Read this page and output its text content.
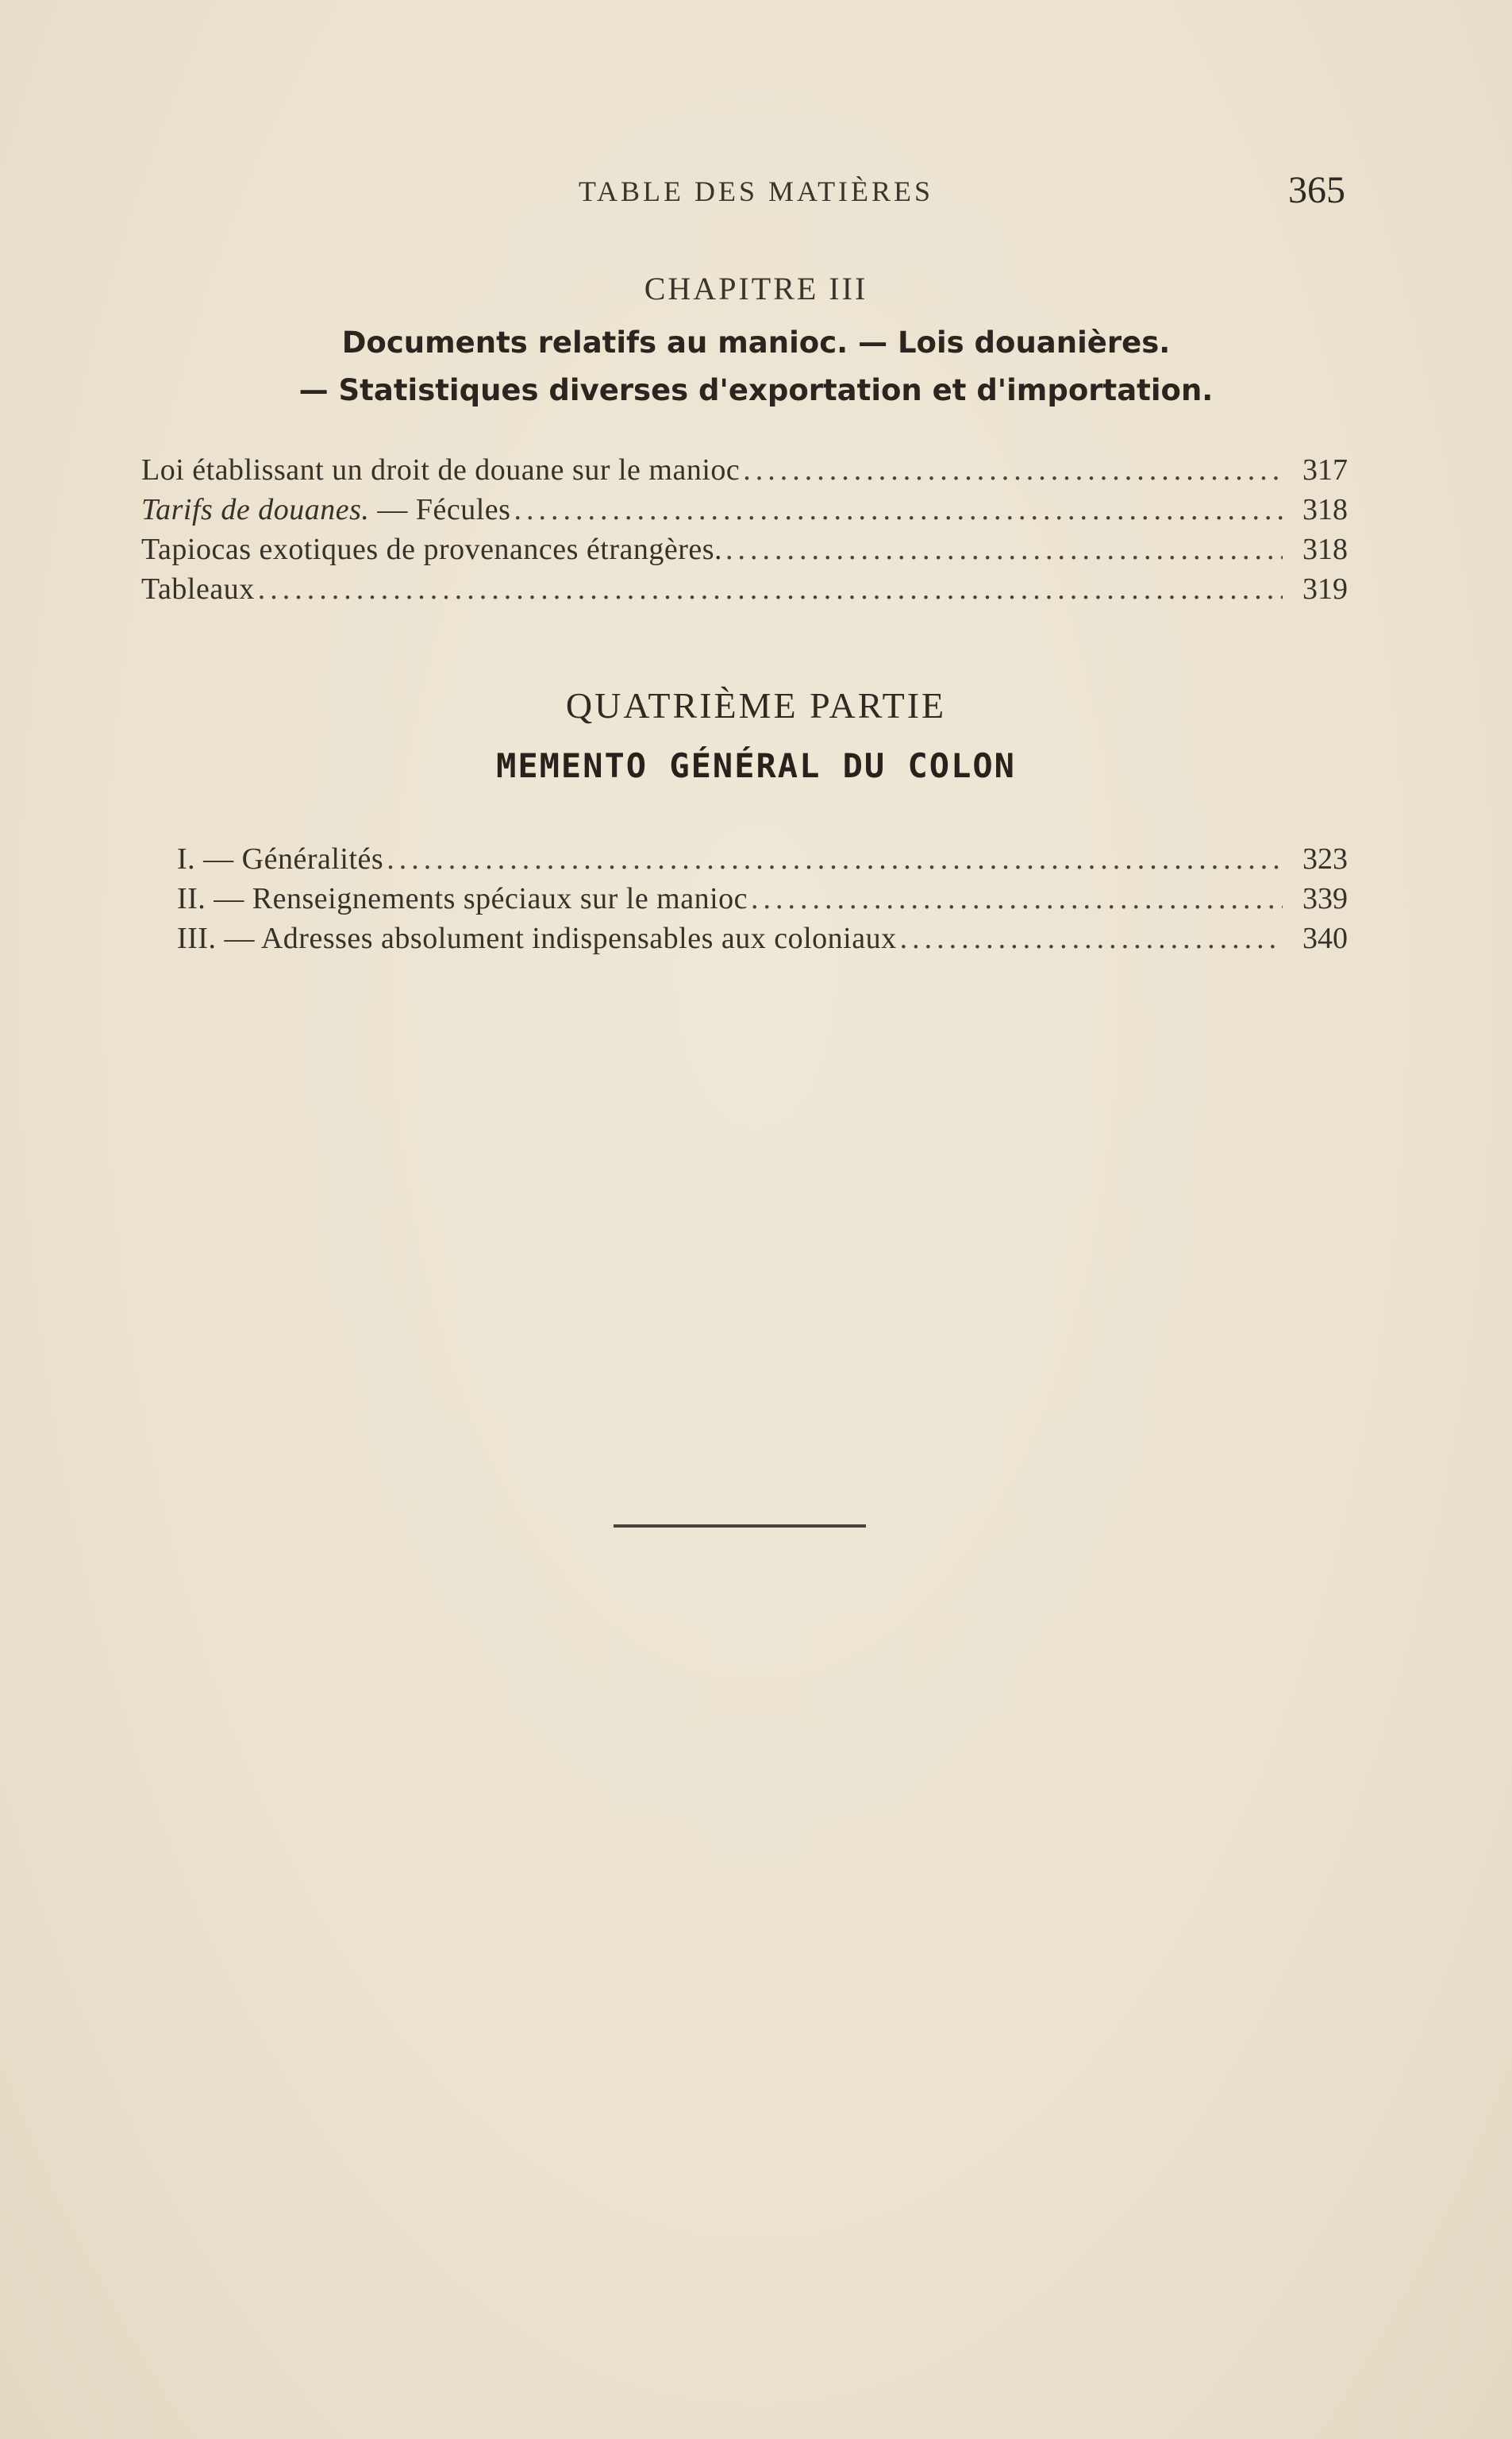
TABLE DES MATIÈRES	365
CHAPITRE III
Documents relatifs au manioc. — Lois douanières.
— Statistiques diverses d'exportation et d'importation.
Loi établissant un droit de douane sur le manioc .....	317
Tarifs de douanes. — Fécules .....	318
Tapiocas exotiques de provenances étrangères. .....	318
Tableaux .....	319
QUATRIÈME PARTIE
MEMENTO GÉNÉRAL DU COLON
I. — Généralités .....	323
II. — Renseignements spéciaux sur le manioc .....	339
III. — Adresses absolument indispensables aux coloniaux .....	340
